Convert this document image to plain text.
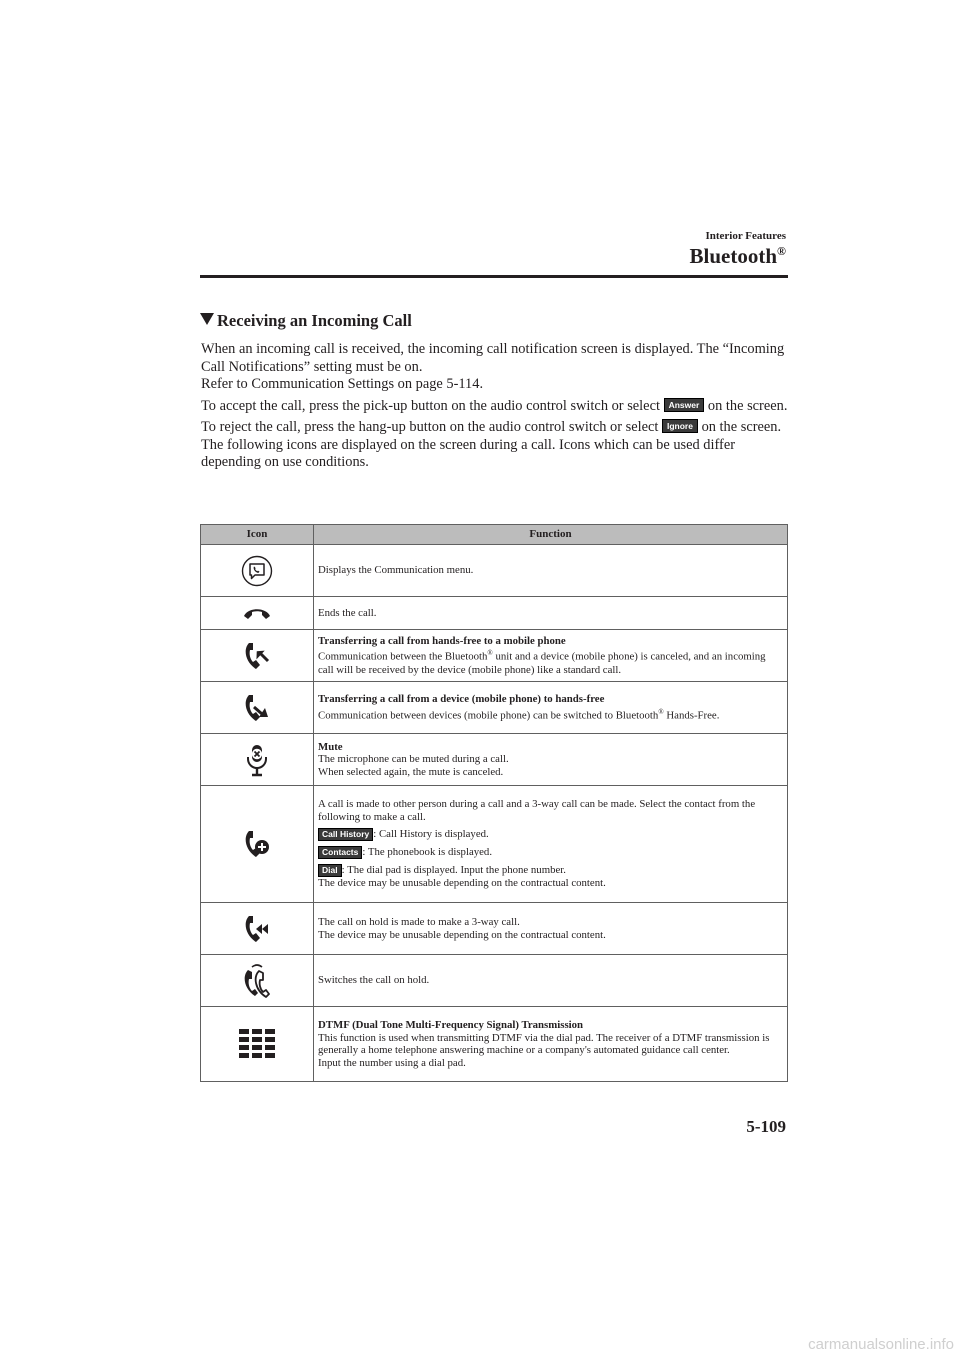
Interior Features
Bluetooth®
Receiving an Incoming Call

When an incoming call is received, the incoming call notification screen is displayed. The “Incoming Call Notifications” setting must be on.

Refer to Communication Settings on page 5-114.

To accept the call, press the pick-up button on the audio control switch or select Answer on the screen.

To reject the call, press the hang-up button on the audio control switch or select Ignore on the screen.

The following icons are displayed on the screen during a call. Icons which can be used differ depending on use conditions.

Icon	Function

Displays the Communication menu.

Ends the call.

Transferring a call from hands-free to a mobile phone
Communication between the Bluetooth® unit and a device (mobile phone) is canceled, and an incoming call will be received by the device (mobile phone) like a standard call.

Transferring a call from a device (mobile phone) to hands-free
Communication between devices (mobile phone) can be switched to Bluetooth® Hands-Free.

Mute
The microphone can be muted during a call.
When selected again, the mute is canceled.

A call is made to other person during a call and a 3-way call can be made. Select the contact from the following to make a call.
Call History : Call History is displayed.
Contacts : The phonebook is displayed.
Dial : The dial pad is displayed. Input the phone number.
The device may be unusable depending on the contractual content.

The call on hold is made to make a 3-way call.
The device may be unusable depending on the contractual content.

Switches the call on hold.

DTMF (Dual Tone Multi-Frequency Signal) Transmission
This function is used when transmitting DTMF via the dial pad. The receiver of a DTMF transmission is generally a home telephone answering machine or a company's automated guidance call center.
Input the number using a dial pad.
5-109
carmanualsonline.info
